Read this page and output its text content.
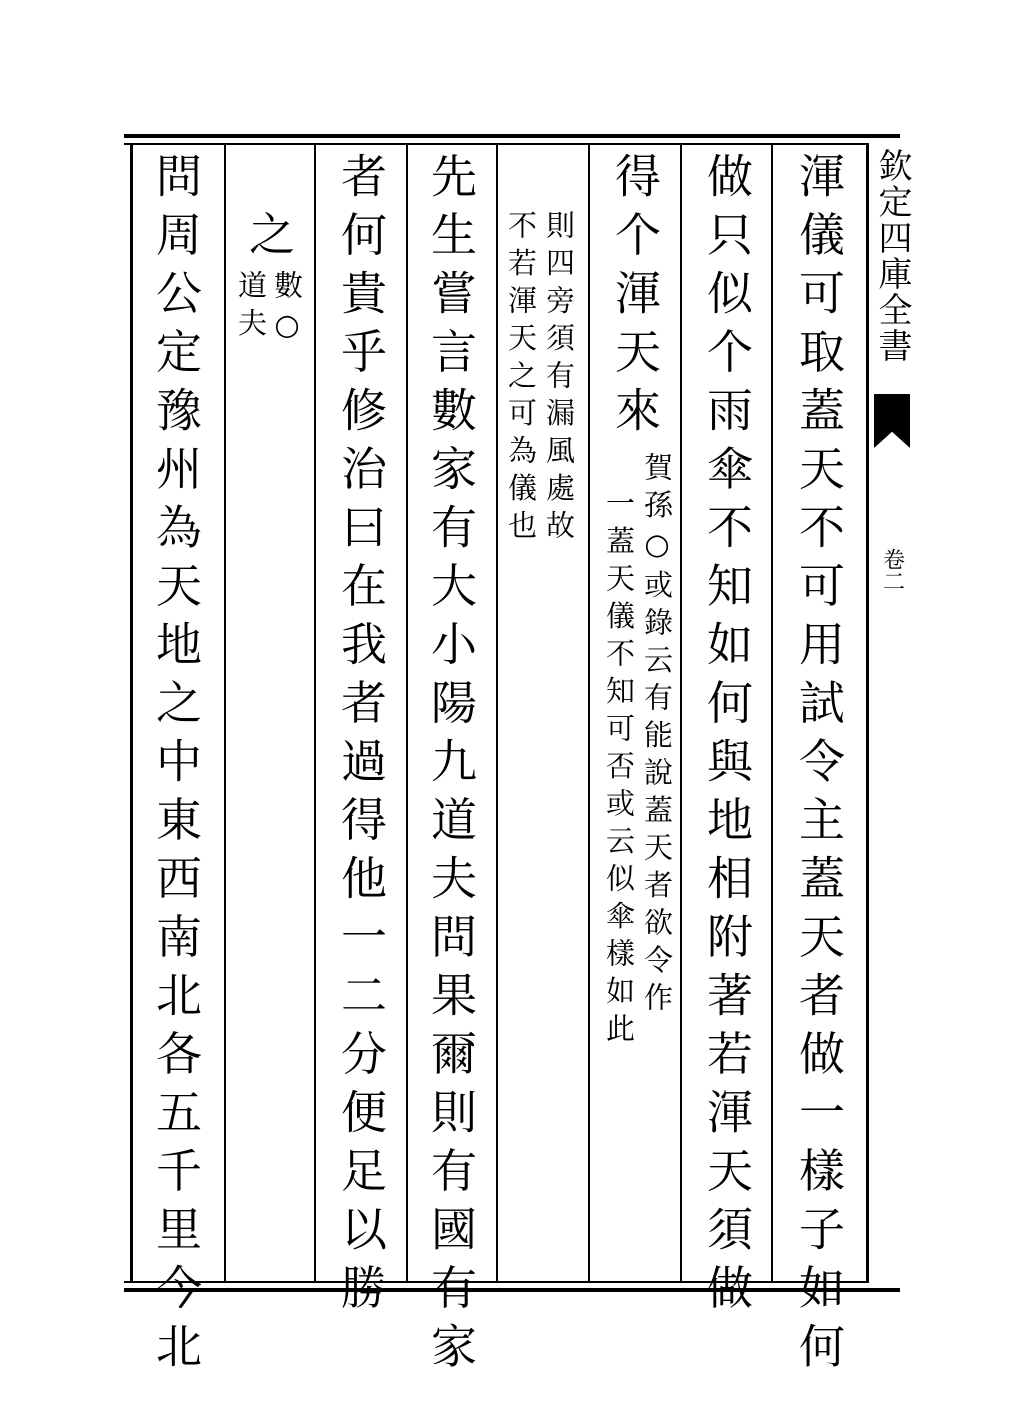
欽定四庫全書
卷二
渾儀可取蓋天不可用試令主蓋天者做一樣子如何
做只似个雨傘不知如何與地相附著若渾天須做
得个渾天來
賀孫○或錄云有能說蓋天者欲令作
一蓋天儀不知可否或云似傘樣如此
則四旁須有漏風處故
不若渾天之可為儀也
先生嘗言數家有大小陽九道夫問果爾則有國有家
者何貴乎修治曰在我者過得他一二分便足以勝
之
數○
道夫
問周公定豫州為天地之中東西南北各五千里今北
